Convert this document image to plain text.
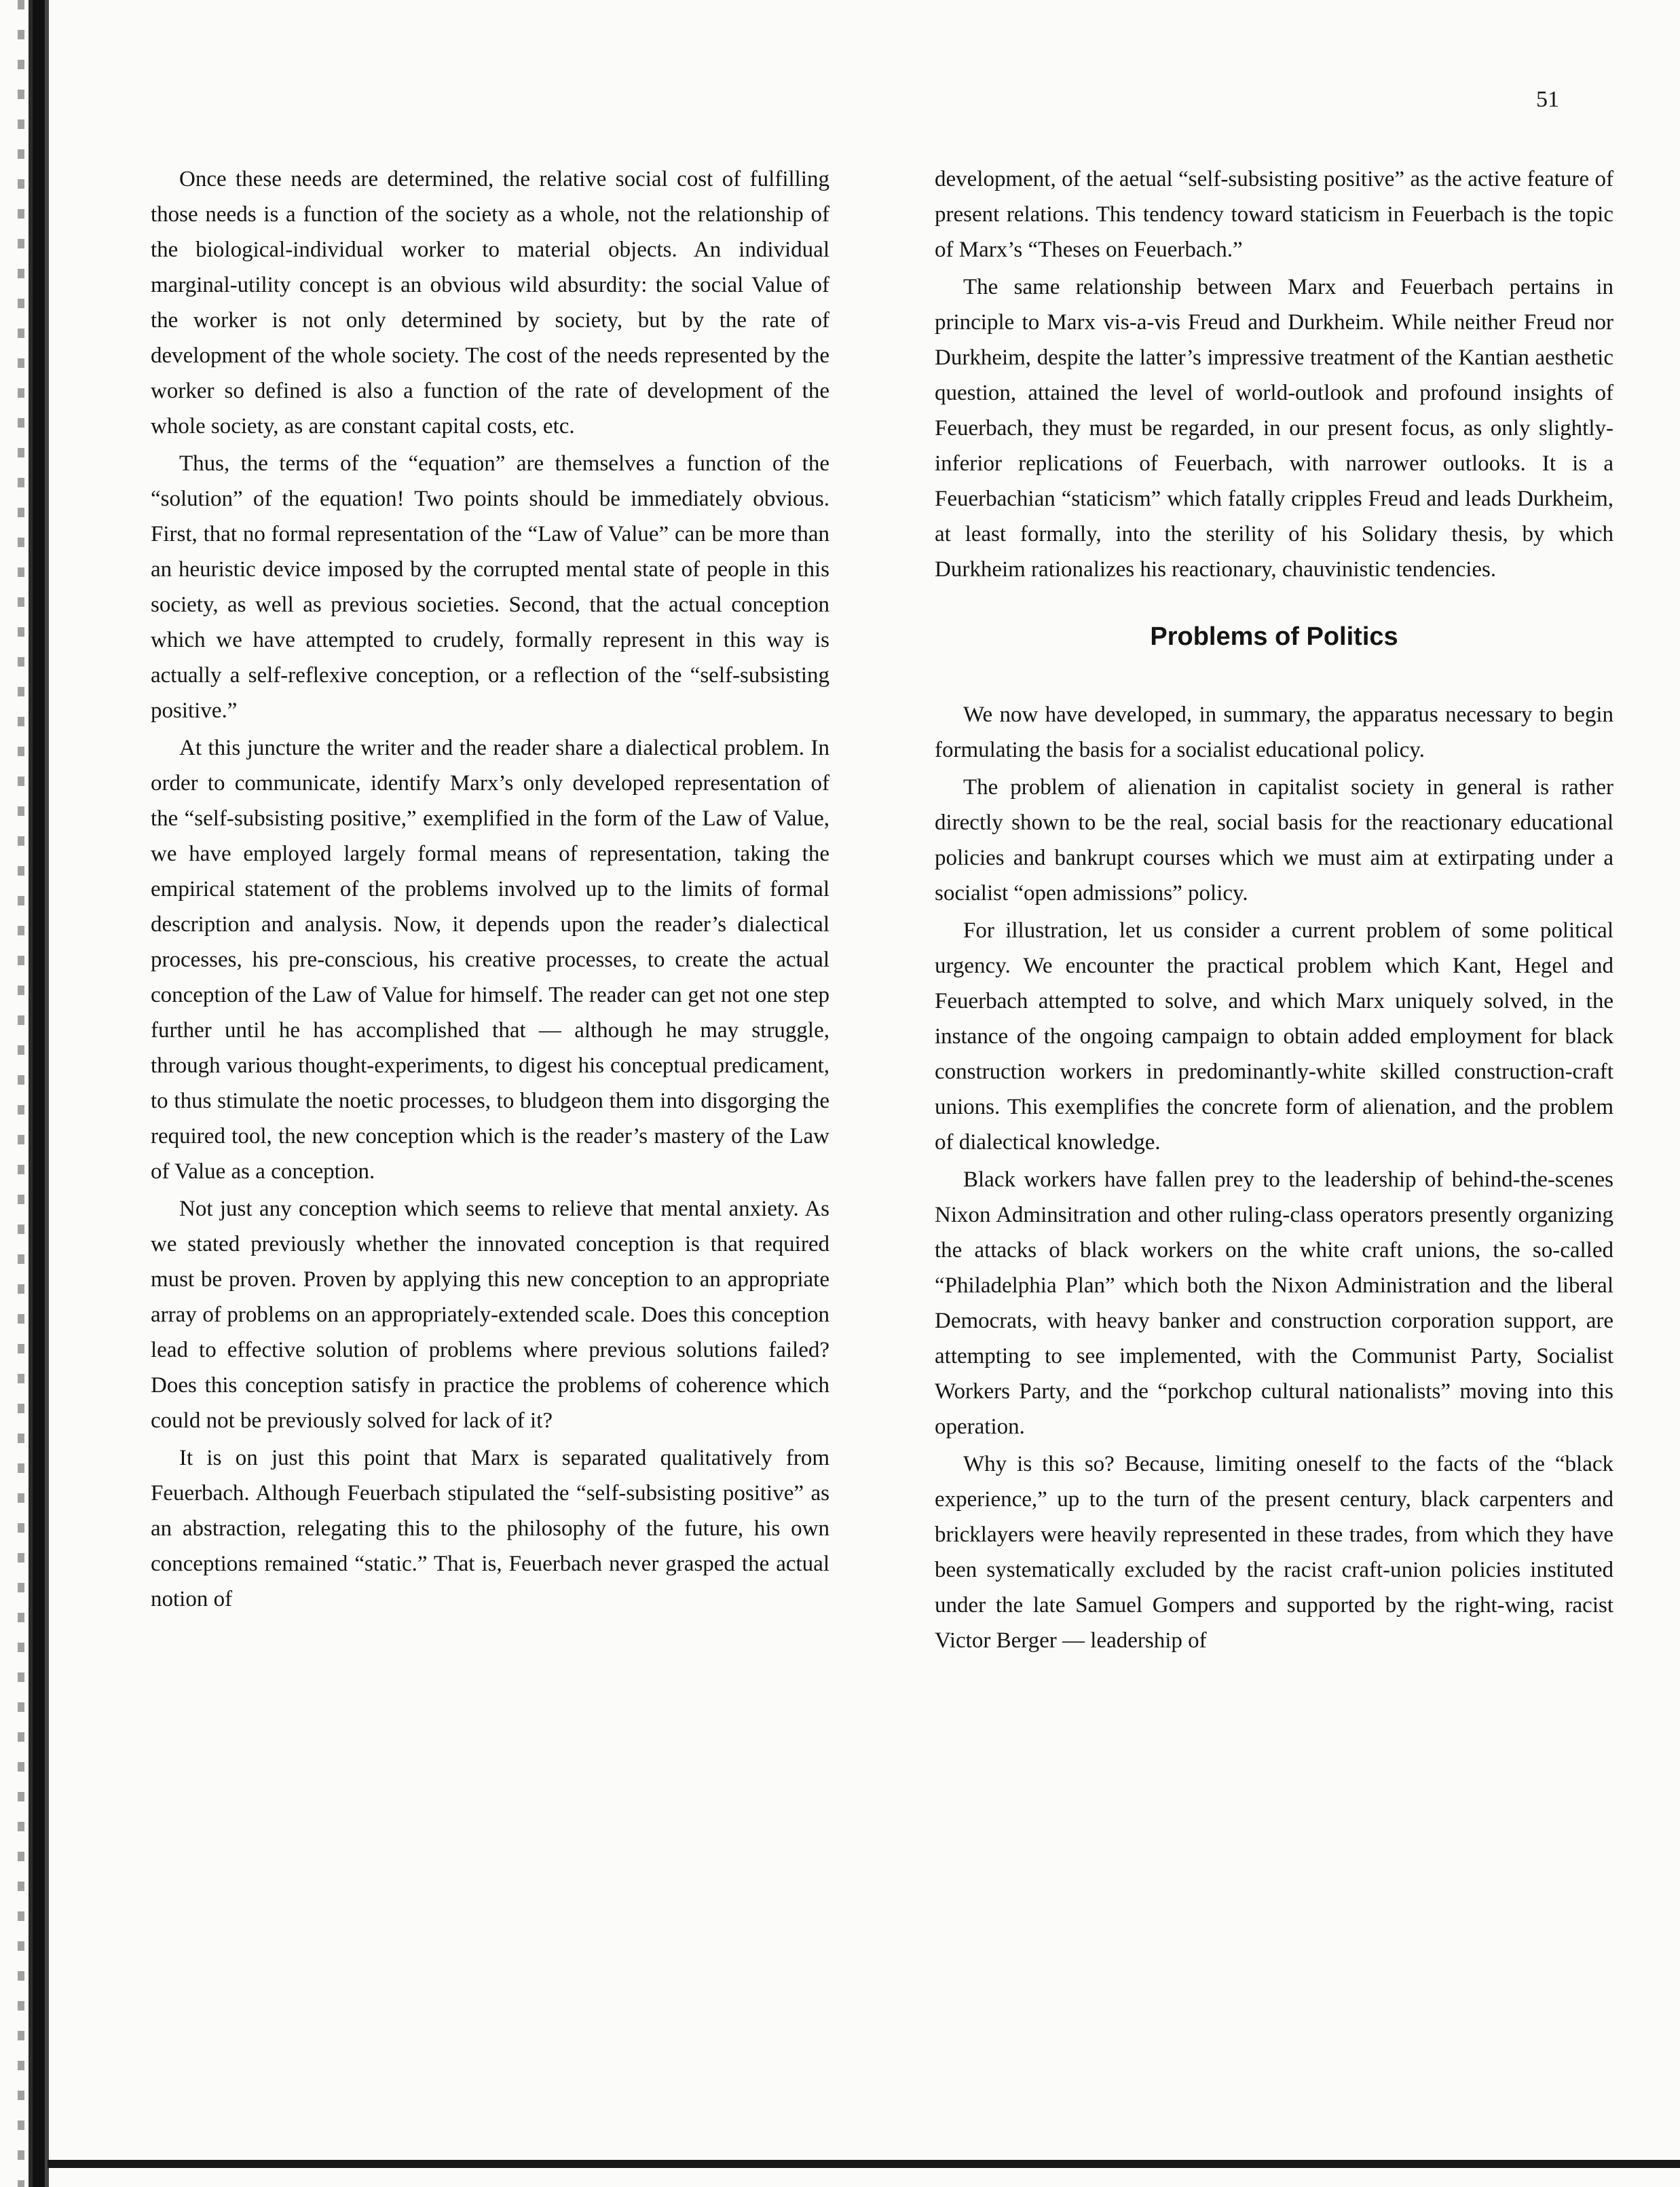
51

Once these needs are determined, the relative social cost of fulfilling those needs is a function of the society as a whole, not the relationship of the biological-individual worker to material objects. An individual marginal-utility concept is an obvious wild absurdity: the social Value of the worker is not only determined by society, but by the rate of development of the whole society. The cost of the needs represented by the worker so defined is also a function of the rate of development of the whole society, as are constant capital costs, etc.

Thus, the terms of the “equation” are themselves a function of the “solution” of the equation! Two points should be immediately obvious. First, that no formal representation of the “Law of Value” can be more than an heuristic device imposed by the corrupted mental state of people in this society, as well as previous societies. Second, that the actual conception which we have attempted to crudely, formally represent in this way is actually a self-reflexive conception, or a reflection of the “self-subsisting positive.”

At this juncture the writer and the reader share a dialectical problem. In order to communicate, identify Marx’s only developed representation of the “self-subsisting positive,” exemplified in the form of the Law of Value, we have employed largely formal means of representation, taking the empirical statement of the problems involved up to the limits of formal description and analysis. Now, it depends upon the reader’s dialectical processes, his pre-conscious, his creative processes, to create the actual conception of the Law of Value for himself. The reader can get not one step further until he has accomplished that — although he may struggle, through various thought-experiments, to digest his conceptual predicament, to thus stimulate the noetic processes, to bludgeon them into disgorging the required tool, the new conception which is the reader’s mastery of the Law of Value as a conception.

Not just any conception which seems to relieve that mental anxiety. As we stated previously whether the innovated conception is that required must be proven. Proven by applying this new conception to an appropriate array of problems on an appropriately-extended scale. Does this conception lead to effective solution of problems where previous solutions failed? Does this conception satisfy in practice the problems of coherence which could not be previously solved for lack of it?

It is on just this point that Marx is separated qualitatively from Feuerbach. Although Feuerbach stipulated the “self-subsisting positive” as an abstraction, relegating this to the philosophy of the future, his own conceptions remained “static.” That is, Feuerbach never grasped the actual notion of

development, of the aetual “self-subsisting positive” as the active feature of present relations. This tendency toward staticism in Feuerbach is the topic of Marx’s “Theses on Feuerbach.”

The same relationship between Marx and Feuerbach pertains in principle to Marx vis-a-vis Freud and Durkheim. While neither Freud nor Durkheim, despite the latter’s impressive treatment of the Kantian aesthetic question, attained the level of world-outlook and profound insights of Feuerbach, they must be regarded, in our present focus, as only slightly-inferior replications of Feuerbach, with narrower outlooks. It is a Feuerbachian “staticism” which fatally cripples Freud and leads Durkheim, at least formally, into the sterility of his Solidary thesis, by which Durkheim rationalizes his reactionary, chauvinistic tendencies.

Problems of Politics

We now have developed, in summary, the apparatus necessary to begin formulating the basis for a socialist educational policy.

The problem of alienation in capitalist society in general is rather directly shown to be the real, social basis for the reactionary educational policies and bankrupt courses which we must aim at extirpating under a socialist “open admissions” policy.

For illustration, let us consider a current problem of some political urgency. We encounter the practical problem which Kant, Hegel and Feuerbach attempted to solve, and which Marx uniquely solved, in the instance of the ongoing campaign to obtain added employment for black construction workers in predominantly-white skilled construction-craft unions. This exemplifies the concrete form of alienation, and the problem of dialectical knowledge.

Black workers have fallen prey to the leadership of behind-the-scenes Nixon Adminsitration and other ruling-class operators presently organizing the attacks of black workers on the white craft unions, the so-called “Philadelphia Plan” which both the Nixon Administration and the liberal Democrats, with heavy banker and construction corporation support, are attempting to see implemented, with the Communist Party, Socialist Workers Party, and the “porkchop cultural nationalists” moving into this operation.

Why is this so? Because, limiting oneself to the facts of the “black experience,” up to the turn of the present century, black carpenters and bricklayers were heavily represented in these trades, from which they have been systematically excluded by the racist craft-union policies instituted under the late Samuel Gompers and supported by the right-wing, racist Victor Berger — leadership of
